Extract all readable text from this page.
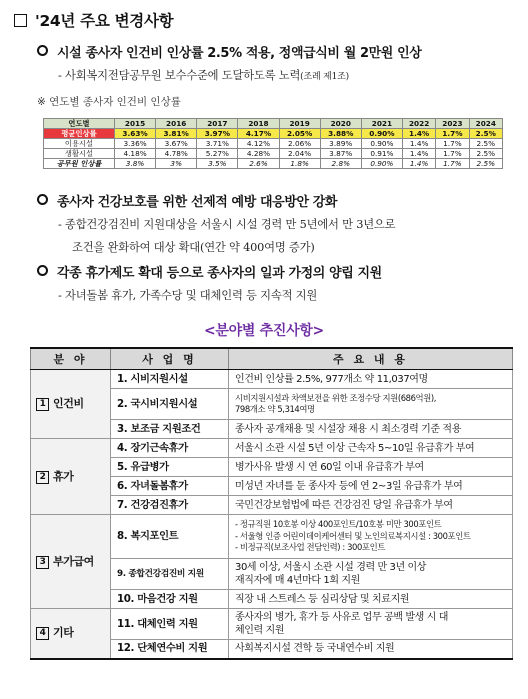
'24년 주요 변경사항
시설 종사자 인건비 인상률 2.5% 적용, 정액급식비 월 2만원 인상
- 사회복지전담공무원 보수수준에 도달하도록 노력(조례 제1조)
※ 연도별 종사자 인건비 인상률
연도별	2015	2016	2017	2018	2019	2020	2021	2022	2023	2024
평균인상률	3.63%	3.81%	3.97%	4.17%	2.05%	3.88%	0.90%	1.4%	1.7%	2.5%
이용시설	3.36%	3.67%	3.71%	4.12%	2.06%	3.89%	0.90%	1.4%	1.7%	2.5%
생활시설	4.18%	4.78%	5.27%	4.28%	2.04%	3.87%	0.91%	1.4%	1.7%	2.5%
공무원 인상률	3.8%	3%	3.5%	2.6%	1.8%	2.8%	0.90%	1.4%	1.7%	2.5%
종사자 건강보호를 위한 선제적 예방 대응방안 강화
- 종합건강검진비 지원대상을 서울시 시설 경력 만 5년에서 만 3년으로
조건을 완화하여 대상 확대(연간 약 400여명 증가)
각종 휴가제도 확대 등으로 종사자의 일과 가정의 양립 지원
- 자녀돌봄 휴가, 가족수당 및 대체인력 등 지속적 지원
<분야별 추진사항>
분 야	사 업 명	주 요 내 용
1 인건비	1. 시비지원시설	인건비 인상률 2.5%, 977개소 약 11,037여명
	2. 국시비지원시설	시비지원시설과 차액보전을 위한 조정수당 지원(686억원),
798개소 약 5,314여명

	3. 보조금 지원조건	종사자 공개채용 및 시설장 채용 시 최소경력 기준 적용
2 휴가	4. 장기근속휴가	서울시 소관 시설 5년 이상 근속자 5~10일 유급휴가 부여
	5. 유급병가	병가사유 발생 시 연 60일 이내 유급휴가 부여
	6. 자녀돌봄휴가	미성년 자녀를 둔 종사자 등에 연 2~3일 유급휴가 부여
	7. 건강검진휴가	국민건강보험법에 따른 건강검진 당일 유급휴가 부여
3 부가급여	8. 복지포인트	- 정규직원 10호봉 이상 400포인트/10호봉 미만 300포인트
- 서울형 인증 어린이데이케어센터 및 노인의료복지시설 : 300포인트
- 비정규직(보조사업 전담인력) : 300포인트

	9. 종합건강검진비 지원	30세 이상, 서울시 소관 시설 경력 만 3년 이상
재직자에 매 4년마다 1회 지원

	10. 마음건강 지원	직장 내 스트레스 등 심리상담 및 치료지원
4 기타	11. 대체인력 지원	종사자의 병가, 휴가 등 사유로 업무 공백 발생 시 대
체인력 지원

	12. 단체연수비 지원	사회복지시설 견학 등 국내연수비 지원
